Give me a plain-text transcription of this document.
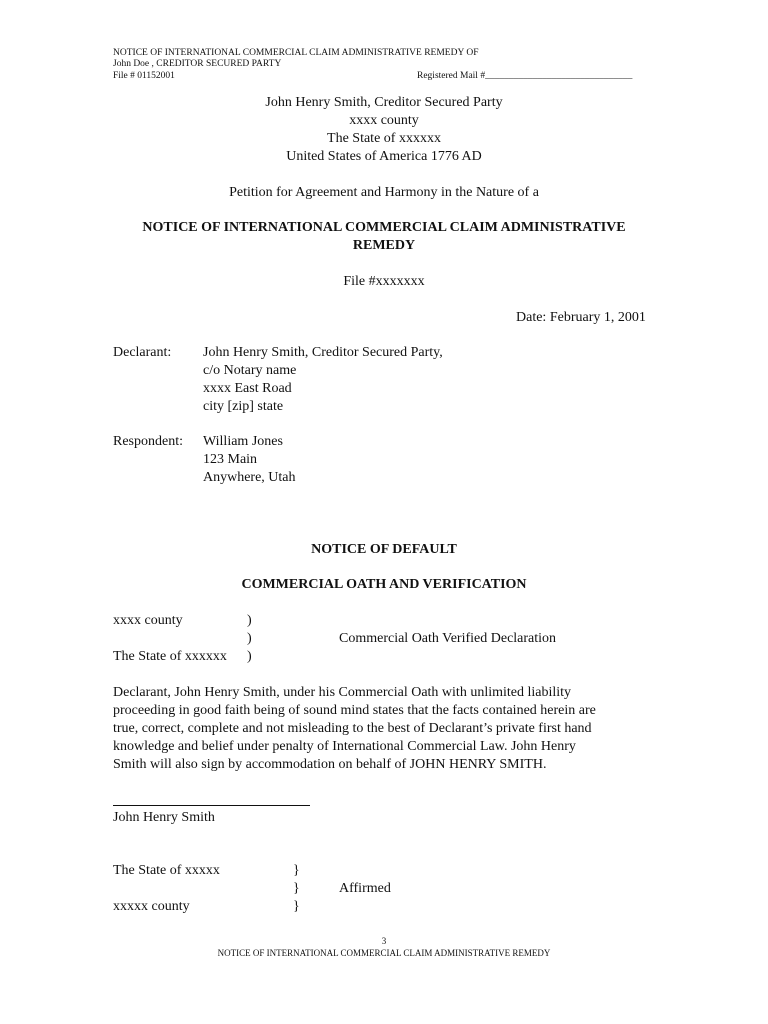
NOTICE OF INTERNATIONAL COMMERCIAL CLAIM ADMINISTRATIVE REMEDY OF
John Doe , CREDITOR SECURED PARTY
File # 01152001	Registered Mail #_______________________________
John Henry Smith, Creditor Secured Party
xxxx county
The State of xxxxxx
United States of America 1776 AD
Petition for Agreement and Harmony in the Nature of a
NOTICE OF INTERNATIONAL COMMERCIAL CLAIM ADMINISTRATIVE
REMEDY
File #xxxxxxx
Date: February 1, 2001
Declarant: John Henry Smith, Creditor Secured Party,
c/o Notary name
xxxx East Road
city [zip] state
Respondent: William Jones
123 Main
Anywhere, Utah
NOTICE OF DEFAULT
COMMERCIAL OATH AND VERIFICATION
xxxx county	)
)	Commercial Oath Verified Declaration
The State of xxxxxx )
Declarant, John Henry Smith, under his Commercial Oath with unlimited liability
proceeding in good faith being of sound mind states that the facts contained herein are
true, correct, complete and not misleading to the best of Declarant’s private first hand
knowledge and belief under penalty of International Commercial Law. John Henry
Smith will also sign by accommodation on behalf of JOHN HENRY SMITH.
John Henry Smith
The State of xxxxx	}
}	Affirmed
xxxxx county	}
3
NOTICE OF INTERNATIONAL COMMERCIAL CLAIM ADMINISTRATIVE REMEDY
